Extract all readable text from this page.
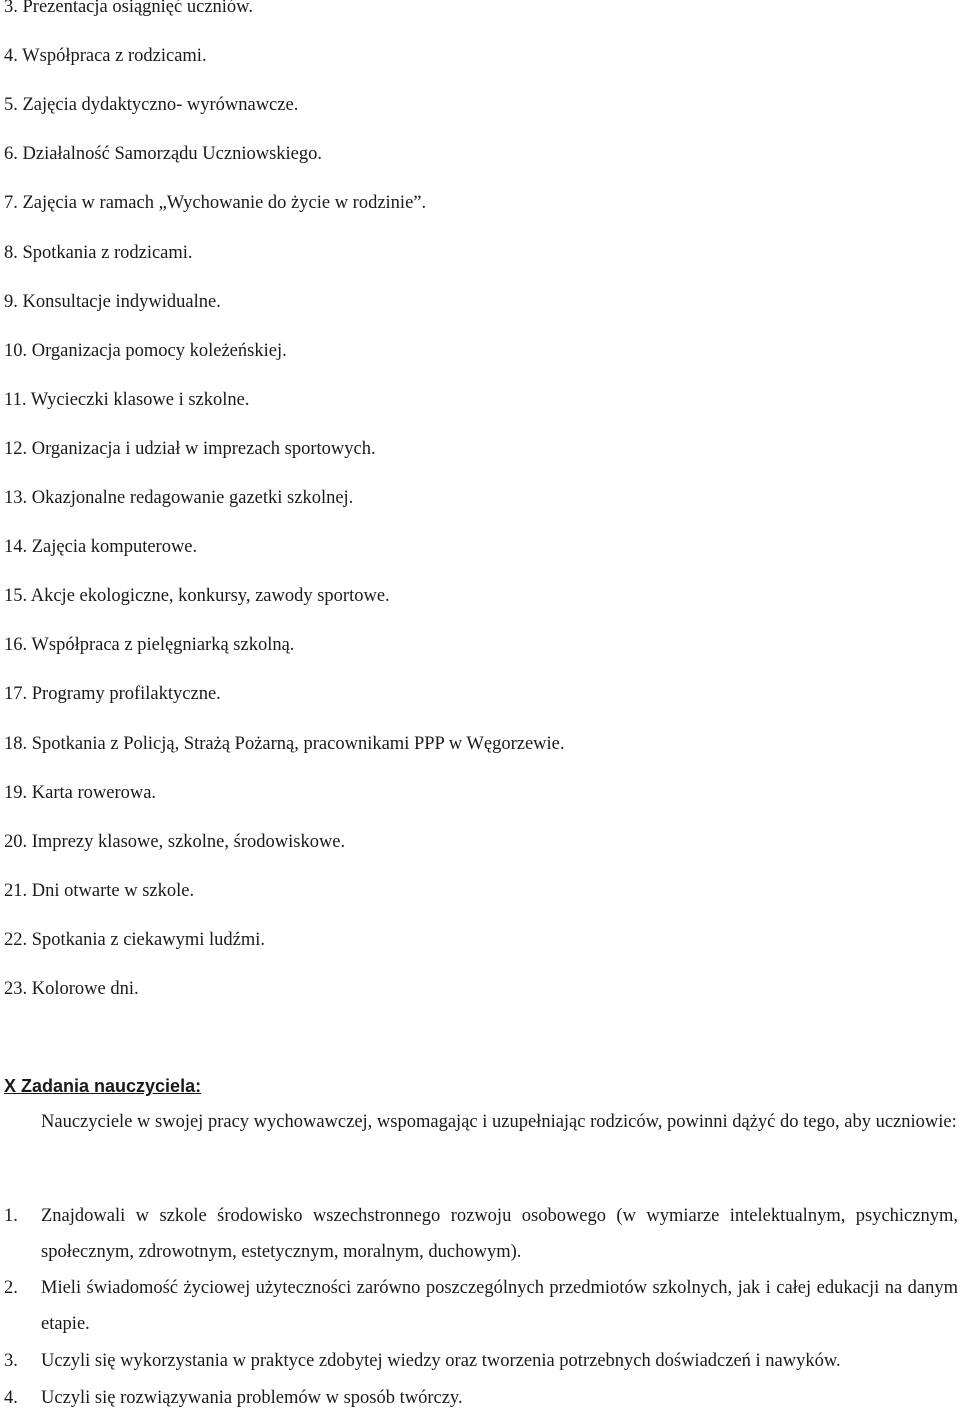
3. Prezentacja osiągnięć uczniów.
4. Współpraca z rodzicami.
5. Zajęcia dydaktyczno- wyrównawcze.
6. Działalność Samorządu Uczniowskiego.
7. Zajęcia w ramach „Wychowanie do życie w rodzinie”.
8. Spotkania z rodzicami.
9. Konsultacje indywidualne.
10. Organizacja pomocy koleżeńskiej.
11. Wycieczki klasowe i szkolne.
12. Organizacja i udział w imprezach sportowych.
13. Okazjonalne redagowanie gazetki szkolnej.
14. Zajęcia komputerowe.
15. Akcje ekologiczne, konkursy, zawody sportowe.
16. Współpraca z pielęgniarką szkolną.
17. Programy profilaktyczne.
18. Spotkania z Policją, Strażą Pożarną, pracownikami PPP w Węgorzewie.
19. Karta rowerowa.
20. Imprezy klasowe, szkolne, środowiskowe.
21. Dni otwarte w szkole.
22. Spotkania z ciekawymi ludźmi.
23. Kolorowe dni.
X Zadania nauczyciela:
Nauczyciele w swojej pracy wychowawczej, wspomagając i uzupełniając rodziców, powinni dążyć do tego, aby uczniowie:
1.	Znajdowali w szkole środowisko wszechstronnego rozwoju osobowego (w wymiarze intelektualnym, psychicznym, społecznym, zdrowotnym, estetycznym, moralnym, duchowym).
2.	Mieli świadomość życiowej użyteczności zarówno poszczególnych przedmiotów szkolnych, jak i całej edukacji na danym etapie.
3.	Uczyli się wykorzystania w praktyce zdobytej wiedzy oraz tworzenia potrzebnych doświadczeń i nawyków.
4.	Uczyli się rozwiązywania problemów w sposób twórczy.
